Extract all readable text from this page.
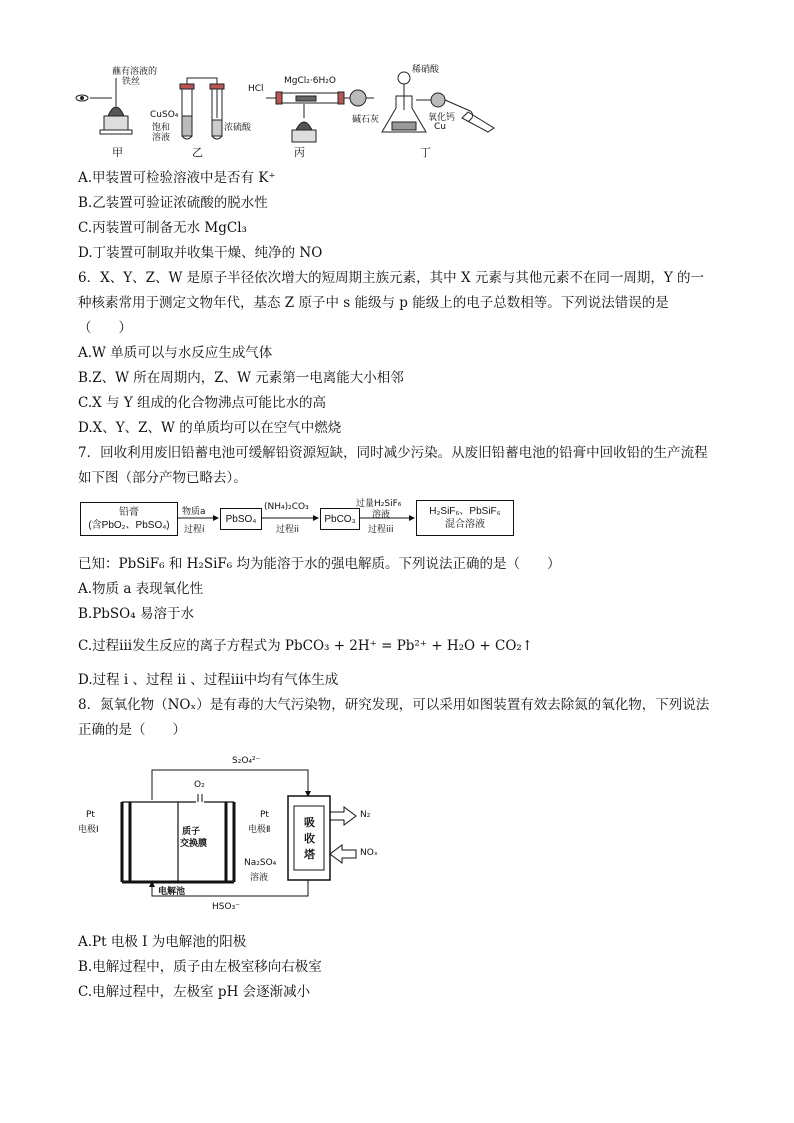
蘸有溶液的
铁丝
CuSO₄
饱和
溶液
浓硫酸
HCl
MgCl₂·6H₂O
碱石灰
稀硝酸
氧化钙
Cu
甲	乙	丙	丁
A.甲装置可检验溶液中是否有 K⁺
B.乙装置可验证浓硫酸的脱水性
C.丙装置可制备无水 MgCl₃
D.丁装置可制取并收集干燥、纯净的 NO
6．X、Y、Z、W 是原子半径依次增大的短周期主族元素，其中 X 元素与其他元素不在同一周期，Y 的一
种核素常用于测定文物年代，基态 Z 原子中 s 能级与 p 能级上的电子总数相等。下列说法错误的是
（　　）
A.W 单质可以与水反应生成气体
B.Z、W 所在周期内，Z、W 元素第一电离能大小相邻
C.X 与 Y 组成的化合物沸点可能比水的高
D.X、Y、Z、W 的单质均可以在空气中燃烧
7．回收利用废旧铅蓄电池可缓解铅资源短缺，同时减少污染。从废旧铅蓄电池的铅膏中回收铅的生产流程
如下图（部分产物已略去）。
铅膏
(含PbO₂、PbSO₄)
物质a
过程i
PbSO₄
(NH₄)₂CO₃
过程ii
PbCO₃
过量H₂SiF₆
溶液
过程iii
H₂SiF₆、PbSiF₆
混合溶液
已知：PbSiF₆ 和 H₂SiF₆ 均为能溶于水的强电解质。下列说法正确的是（　　）
A.物质 a 表现氧化性
B.PbSO₄ 易溶于水
C.过程iii发生反应的离子方程式为 PbCO₃ + 2H⁺ = Pb²⁺ + H₂O + CO₂↑
D.过程 i 、过程 ii 、过程iii中均有气体生成
8．氮氧化物（NOₓ）是有毒的大气污染物，研究发现，可以采用如图装置有效去除氮的氧化物，下列说法
正确的是（　　）
S₂O₄²⁻
O₂
Pt
电极Ⅰ	质子
交换膜
Pt
电极Ⅱ
Na₂SO₄
溶液
电解池
吸
收
塔
N₂
NOₓ
HSO₃⁻
A.Pt 电极 Ⅰ 为电解池的阳极
B.电解过程中，质子由左极室移向右极室
C.电解过程中，左极室 pH 会逐渐减小
